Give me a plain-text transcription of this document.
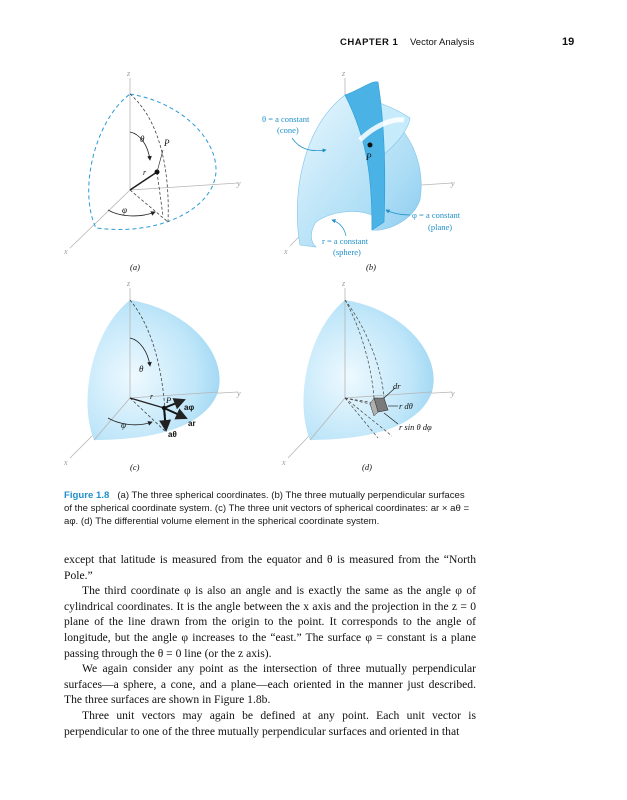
CHAPTER 1 Vector Analysis	19
z
y
x
P
r
θ
φ
(a)
z
y
x
P
θ = a constant
(cone)
φ = a constant
(plane)
r = a constant
(sphere)
(b)
z
y
x
P
r
aφ
ar
aθ
θ
φ
(c)
z
y
x
dr
r dθ
r sin θ dφ
(d)
Figure 1.8 (a) The three spherical coordinates. (b) The three mutually perpendicular surfaces of the spherical coordinate system. (c) The three unit vectors of spherical coordinates: ar × aθ = aφ. (d) The differential volume element in the spherical coordinate system.

except that latitude is measured from the equator and θ is measured from the “North Pole.”

The third coordinate φ is also an angle and is exactly the same as the angle φ of cylindrical coordinates. It is the angle between the x axis and the projection in the z = 0 plane of the line drawn from the origin to the point. It corresponds to the angle of longitude, but the angle φ increases to the “east.” The surface φ = constant is a plane passing through the θ = 0 line (or the z axis).

We again consider any point as the intersection of three mutually perpendicular surfaces—a sphere, a cone, and a plane—each oriented in the manner just described. The three surfaces are shown in Figure 1.8b.

Three unit vectors may again be defined at any point. Each unit vector is perpendicular to one of the three mutually perpendicular surfaces and oriented in that
